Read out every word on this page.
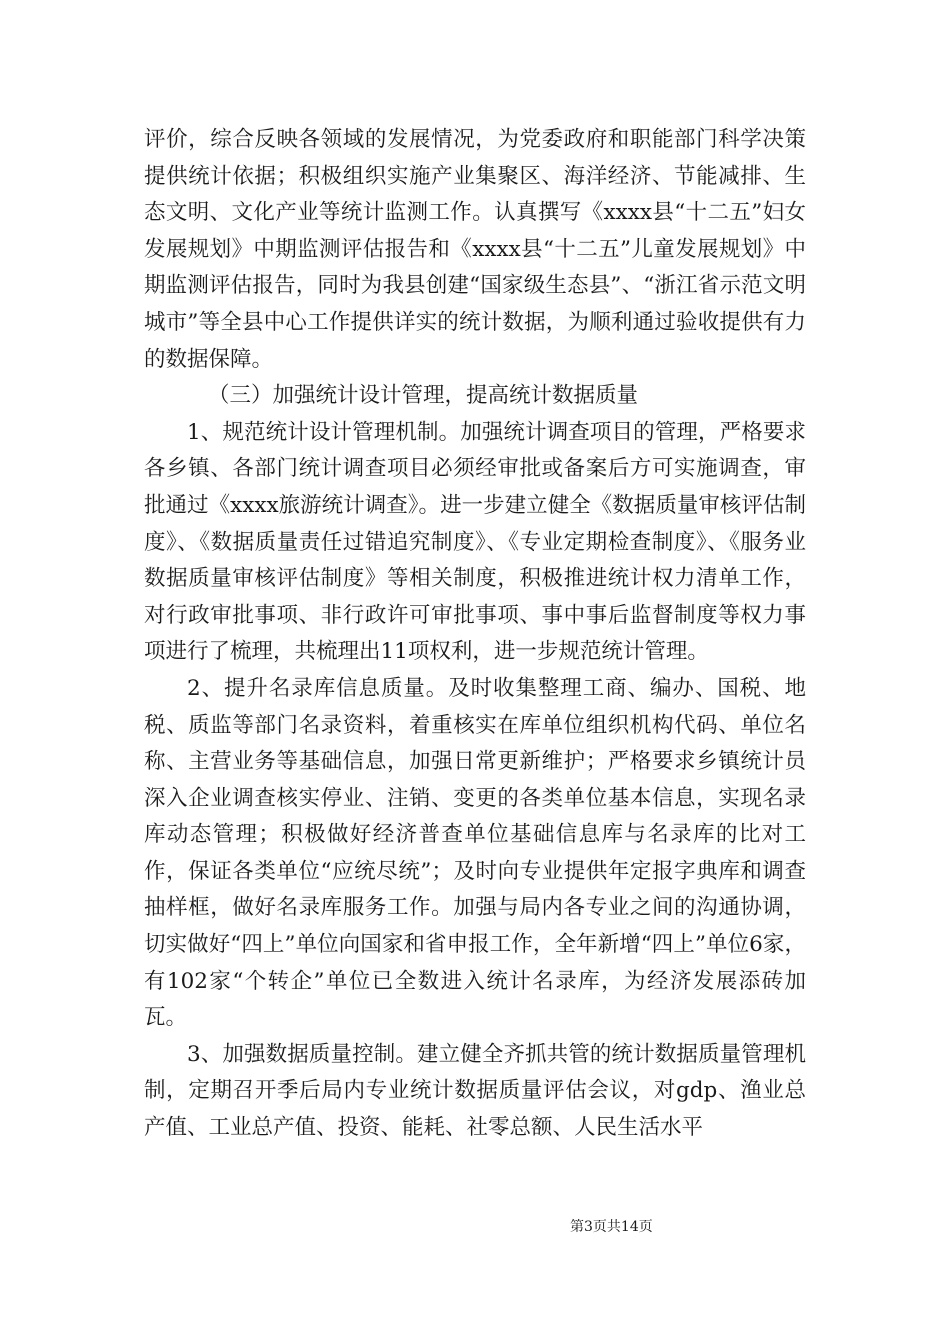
评价，综合反映各领域的发展情况，为党委政府和职能部门科学决策提供统计依据；积极组织实施产业集聚区、海洋经济、节能减排、生态文明、文化产业等统计监测工作。认真撰写《xxxx县“十二五”妇女发展规划》中期监测评估报告和《xxxx县“十二五”儿童发展规划》中期监测评估报告，同时为我县创建“国家级生态县”、“浙江省示范文明城市”等全县中心工作提供详实的统计数据，为顺利通过验收提供有力的数据保障。

（三）加强统计设计管理，提高统计数据质量

1、规范统计设计管理机制。加强统计调查项目的管理，严格要求各乡镇、各部门统计调查项目必须经审批或备案后方可实施调查，审批通过《xxxx旅游统计调查》。进一步建立健全《数据质量审核评估制度》、《数据质量责任过错追究制度》、《专业定期检查制度》、《服务业数据质量审核评估制度》等相关制度，积极推进统计权力清单工作，对行政审批事项、非行政许可审批事项、事中事后监督制度等权力事项进行了梳理，共梳理出11项权利，进一步规范统计管理。

2、提升名录库信息质量。及时收集整理工商、编办、国税、地税、质监等部门名录资料，着重核实在库单位组织机构代码、单位名称、主营业务等基础信息，加强日常更新维护；严格要求乡镇统计员深入企业调查核实停业、注销、变更的各类单位基本信息，实现名录库动态管理；积极做好经济普查单位基础信息库与名录库的比对工作，保证各类单位“应统尽统”；及时向专业提供年定报字典库和调查抽样框，做好名录库服务工作。加强与局内各专业之间的沟通协调，切实做好“四上”单位向国家和省申报工作，全年新增“四上”单位6家，有102家“个转企”单位已全数进入统计名录库，为经济发展添砖加瓦。

3、加强数据质量控制。建立健全齐抓共管的统计数据质量管理机制，定期召开季后局内专业统计数据质量评估会议，对gdp、渔业总产值、工业总产值、投资、能耗、社零总额、人民生活水平

第3页共14页
